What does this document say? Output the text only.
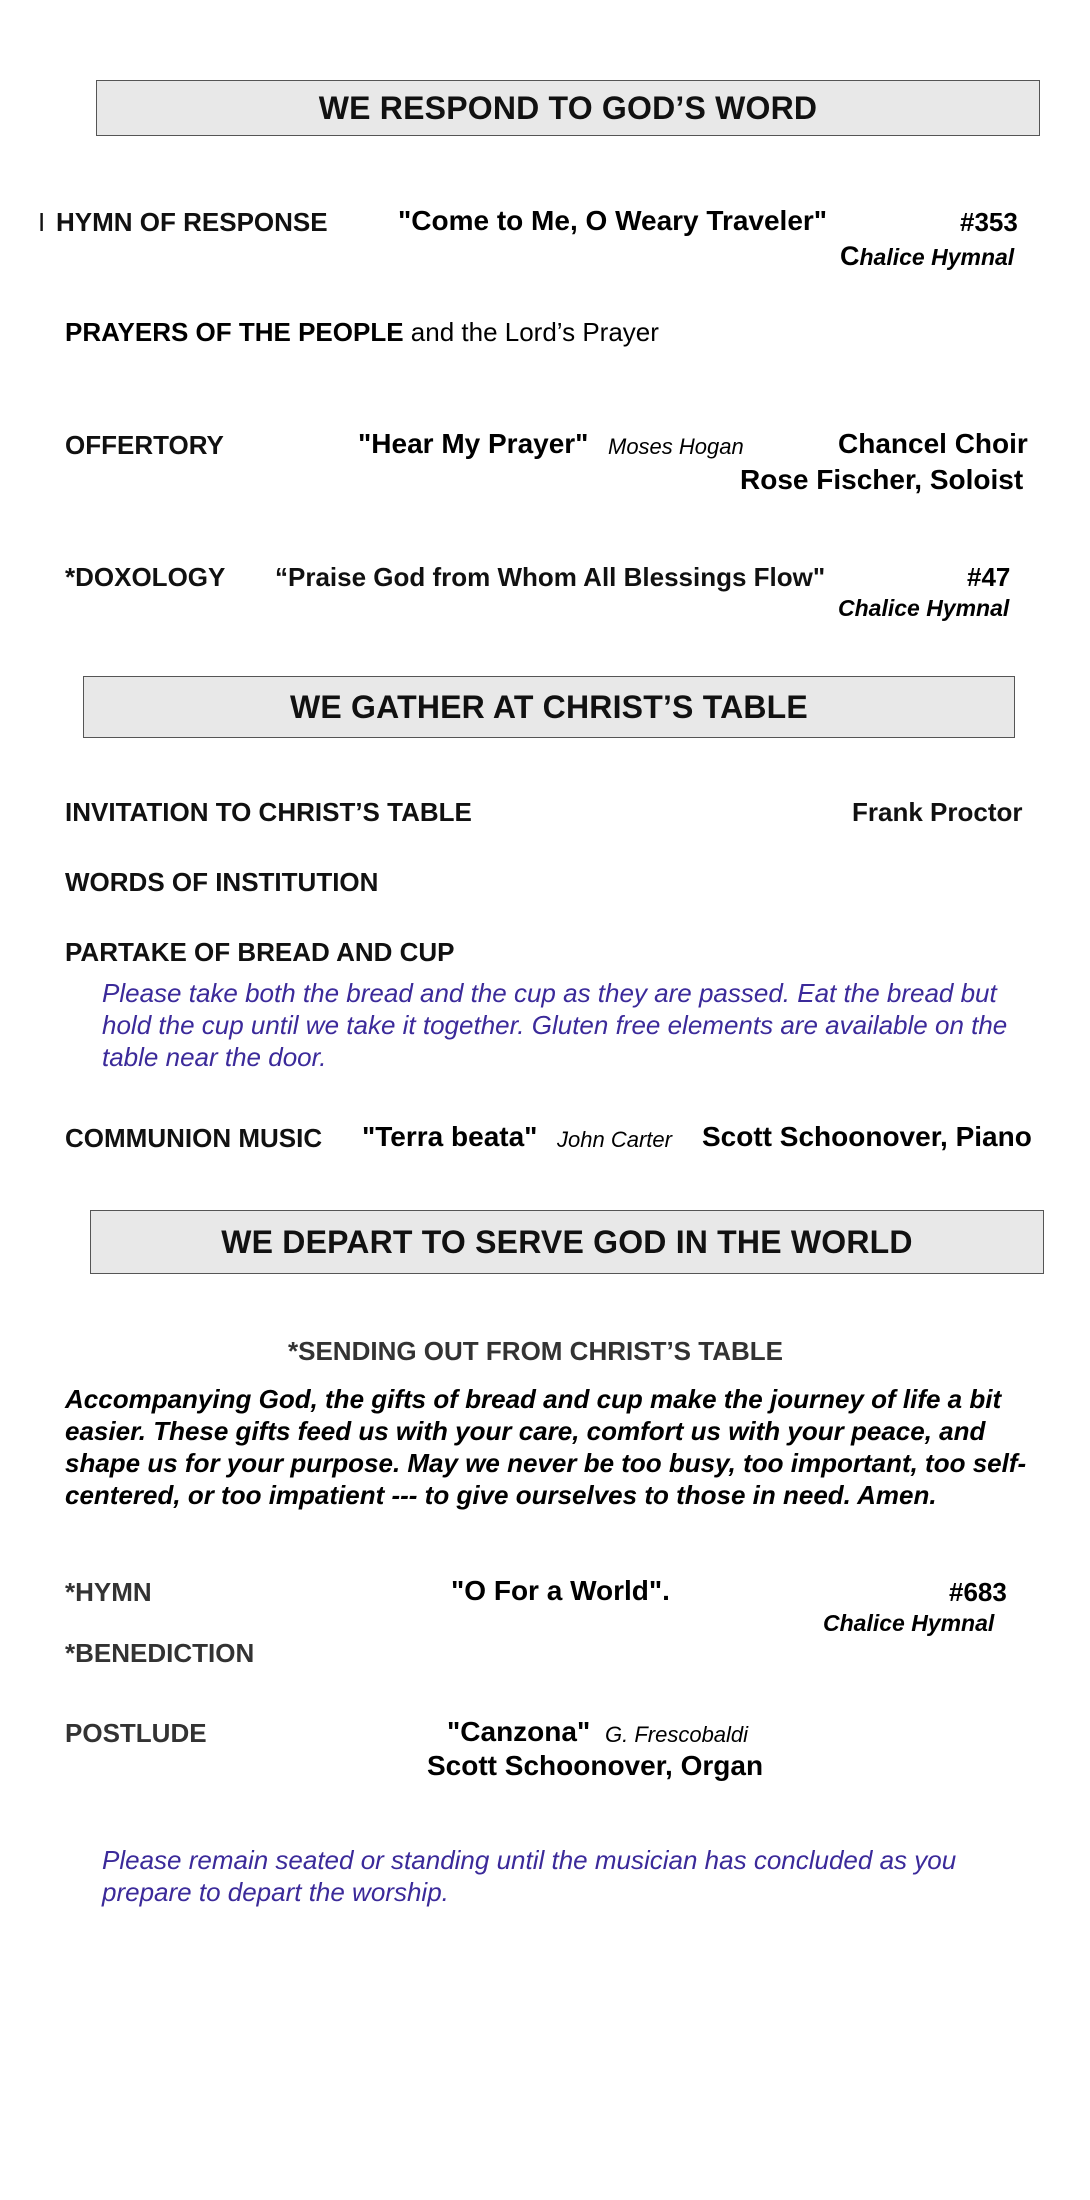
WE RESPOND TO GOD’S WORD
I HYMN OF RESPONSE	"Come to Me, O Weary Traveler"	#353
Chalice Hymnal
PRAYERS OF THE PEOPLE and the Lord’s Prayer
OFFERTORY	"Hear My Prayer" Moses Hogan	Chancel Choir
Rose Fischer, Soloist
*DOXOLOGY “Praise God from Whom All Blessings Flow"	#47
Chalice Hymnal
WE GATHER AT CHRIST’S TABLE
INVITATION TO CHRIST’S TABLE	Frank Proctor
WORDS OF INSTITUTION
PARTAKE OF BREAD AND CUP
Please take both the bread and the cup as they are passed. Eat the bread but hold the cup until we take it together. Gluten free elements are available on the table near the door.
COMMUNION MUSIC "Terra beata" John Carter Scott Schoonover, Piano
WE DEPART TO SERVE GOD IN THE WORLD
*SENDING OUT FROM CHRIST’S TABLE
Accompanying God, the gifts of bread and cup make the journey of life a bit easier. These gifts feed us with your care, comfort us with your peace, and shape us for your purpose. May we never be too busy, too important, too self-centered, or too impatient --- to give ourselves to those in need. Amen.
*HYMN	"O For a World".	#683
Chalice Hymnal
*BENEDICTION
POSTLUDE	"Canzona" G. Frescobaldi
Scott Schoonover, Organ
Please remain seated or standing until the musician has concluded as you prepare to depart the worship.
